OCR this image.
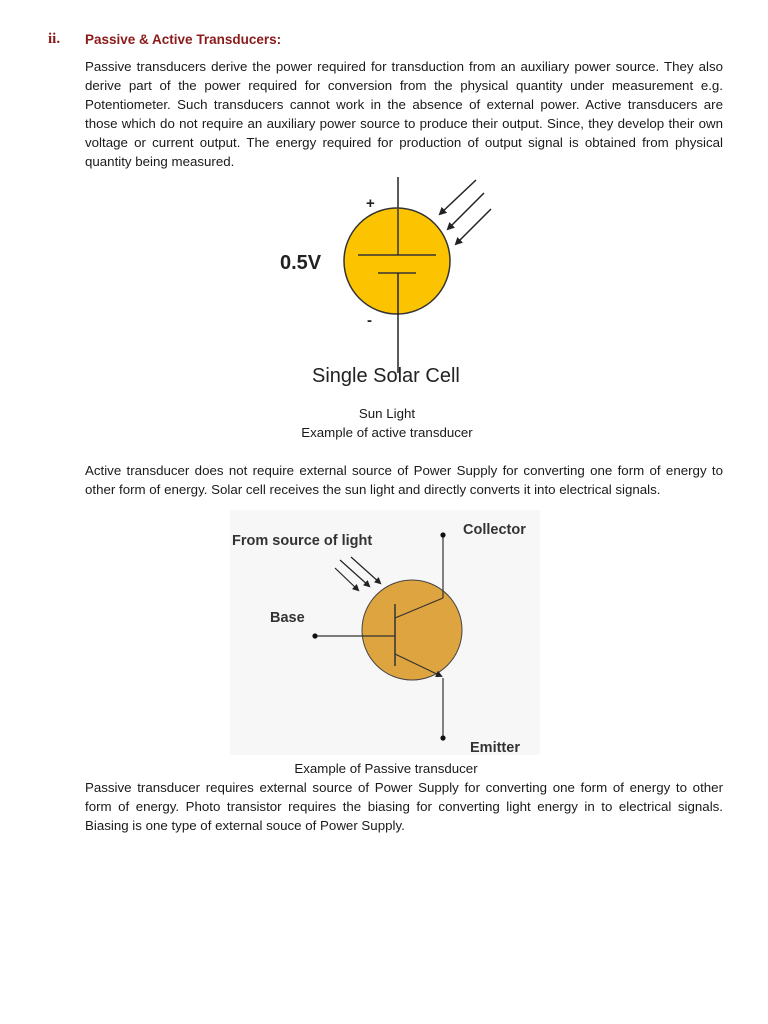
ii. Passive & Active Transducers:

Passive transducers derive the power required for transduction from an auxiliary power source. They also derive part of the power required for conversion from the physical quantity under measurement e.g. Potentiometer. Such transducers cannot work in the absence of external power. Active transducers are those which do not require an auxiliary power source to produce their output. Since, they develop their own voltage or current output. The energy required for production of output signal is obtained from physical quantity being measured.

+
-
0.5V
Single Solar Cell
Sun Light
Example of active transducer

Active transducer does not require external source of Power Supply for converting one form of energy to other form of energy. Solar cell receives the sun light and directly converts it into electrical signals.

From source of light
Collector
Base
Emitter
Example of Passive transducer

Passive transducer requires external source of Power Supply for converting one form of energy to other form of energy. Photo transistor requires the biasing for converting light energy in to electrical signals. Biasing is one type of external souce of Power Supply.
